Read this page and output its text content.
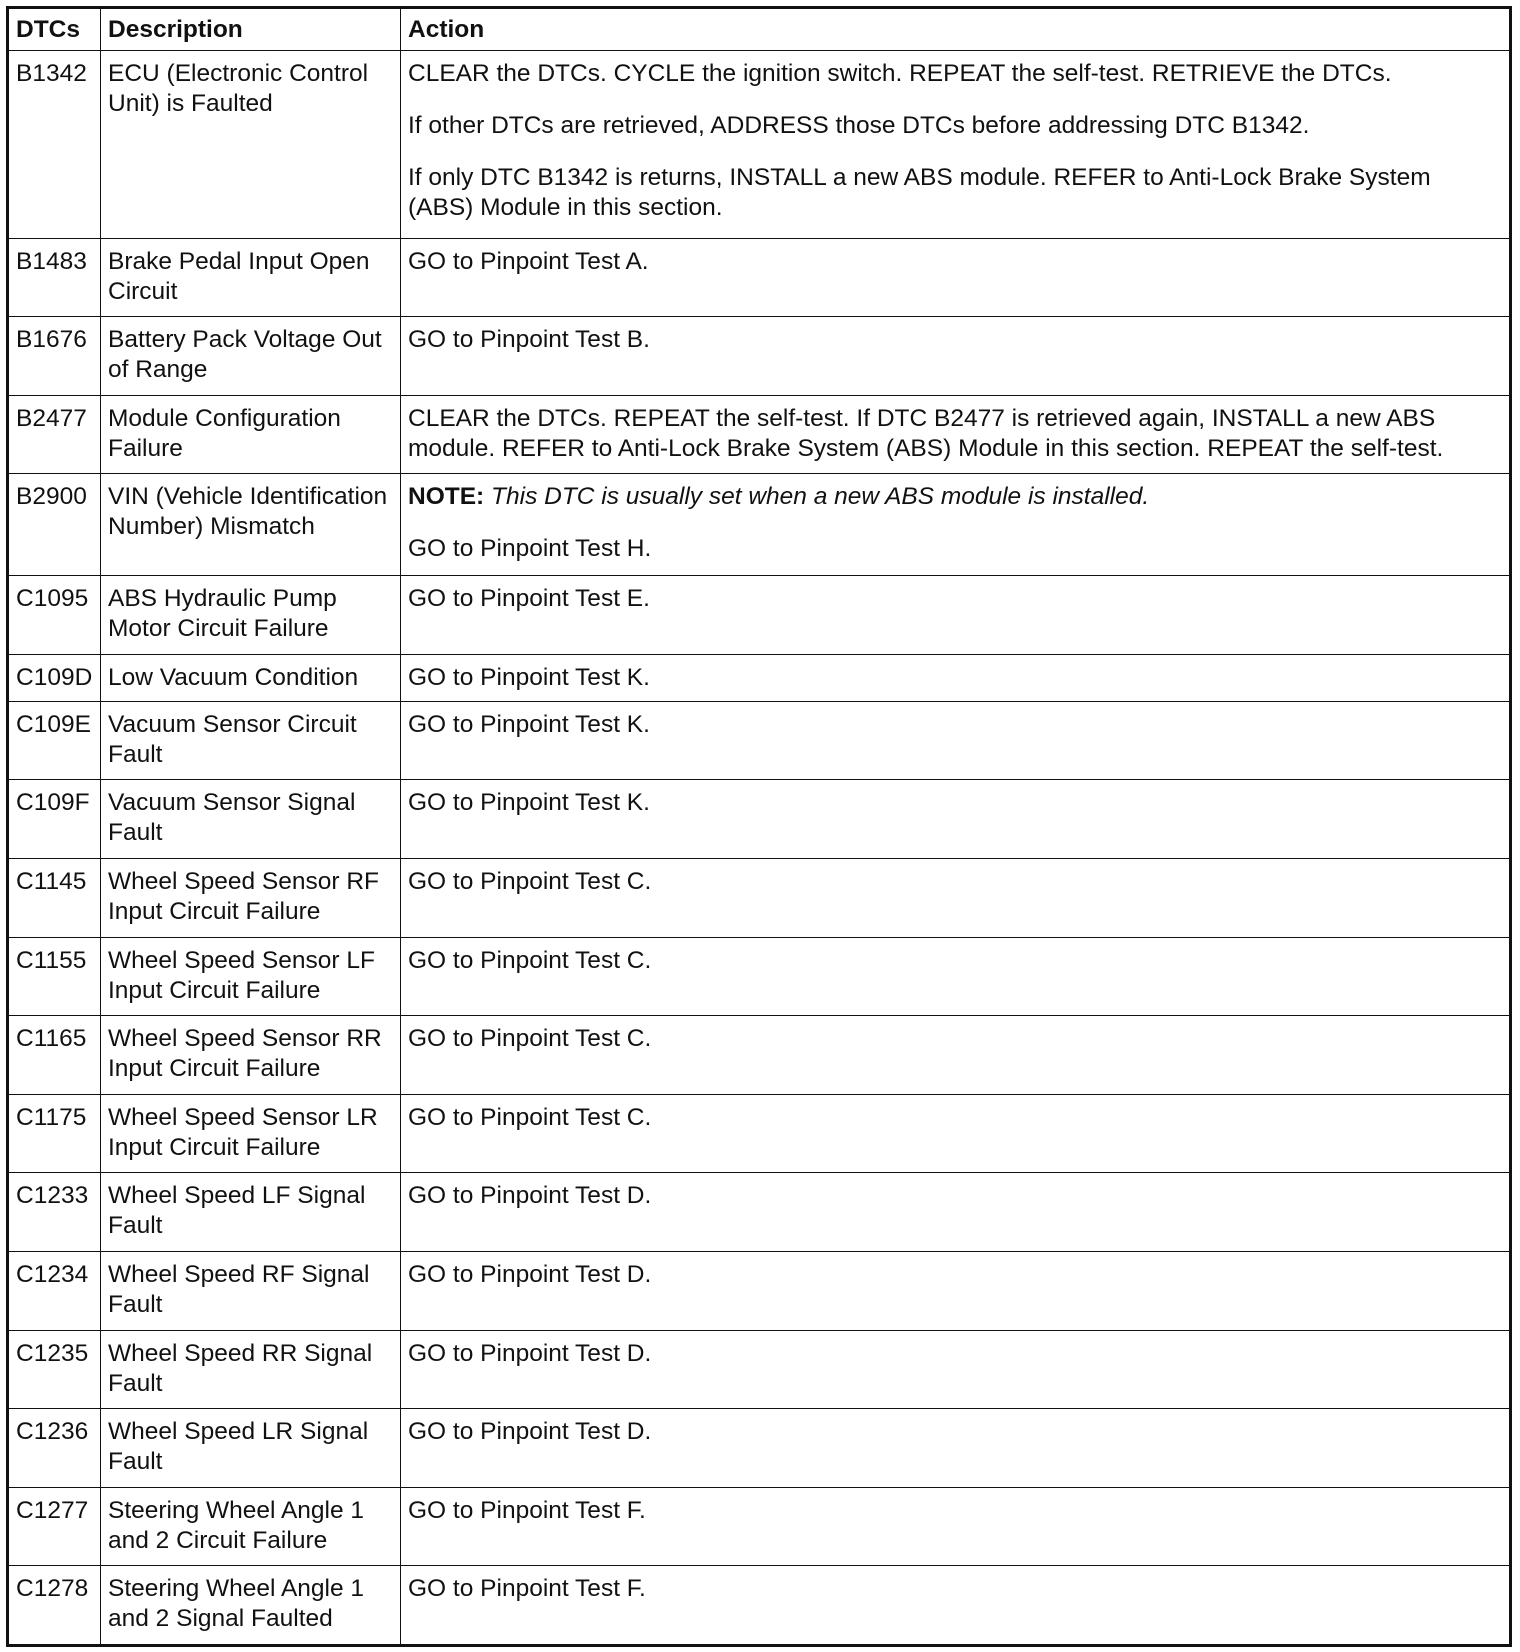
DTCs	Description	Action
B1342	ECU (Electronic Control Unit) is Faulted	CLEAR the DTCs. CYCLE the ignition switch. REPEAT the self-test. RETRIEVE the DTCs.

If other DTCs are retrieved, ADDRESS those DTCs before addressing DTC B1342.

If only DTC B1342 is returns, INSTALL a new ABS module. REFER to Anti-Lock Brake System (ABS) Module in this section.

B1483	Brake Pedal Input Open Circuit	GO to Pinpoint Test A.
B1676	Battery Pack Voltage Out of Range	GO to Pinpoint Test B.
B2477	Module Configuration Failure	CLEAR the DTCs. REPEAT the self-test. If DTC B2477 is retrieved again, INSTALL a new ABS module. REFER to Anti-Lock Brake System (ABS) Module in this section. REPEAT the self-test.
B2900	VIN (Vehicle Identification Number) Mismatch	NOTE: This DTC is usually set when a new ABS module is installed.

GO to Pinpoint Test H.

C1095	ABS Hydraulic Pump Motor Circuit Failure	GO to Pinpoint Test E.
C109D	Low Vacuum Condition	GO to Pinpoint Test K.
C109E	Vacuum Sensor Circuit Fault	GO to Pinpoint Test K.
C109F	Vacuum Sensor Signal Fault	GO to Pinpoint Test K.
C1145	Wheel Speed Sensor RF Input Circuit Failure	GO to Pinpoint Test C.
C1155	Wheel Speed Sensor LF Input Circuit Failure	GO to Pinpoint Test C.
C1165	Wheel Speed Sensor RR Input Circuit Failure	GO to Pinpoint Test C.
C1175	Wheel Speed Sensor LR Input Circuit Failure	GO to Pinpoint Test C.
C1233	Wheel Speed LF Signal Fault	GO to Pinpoint Test D.
C1234	Wheel Speed RF Signal Fault	GO to Pinpoint Test D.
C1235	Wheel Speed RR Signal Fault	GO to Pinpoint Test D.
C1236	Wheel Speed LR Signal Fault	GO to Pinpoint Test D.
C1277	Steering Wheel Angle 1 and 2 Circuit Failure	GO to Pinpoint Test F.
C1278	Steering Wheel Angle 1 and 2 Signal Faulted	GO to Pinpoint Test F.
